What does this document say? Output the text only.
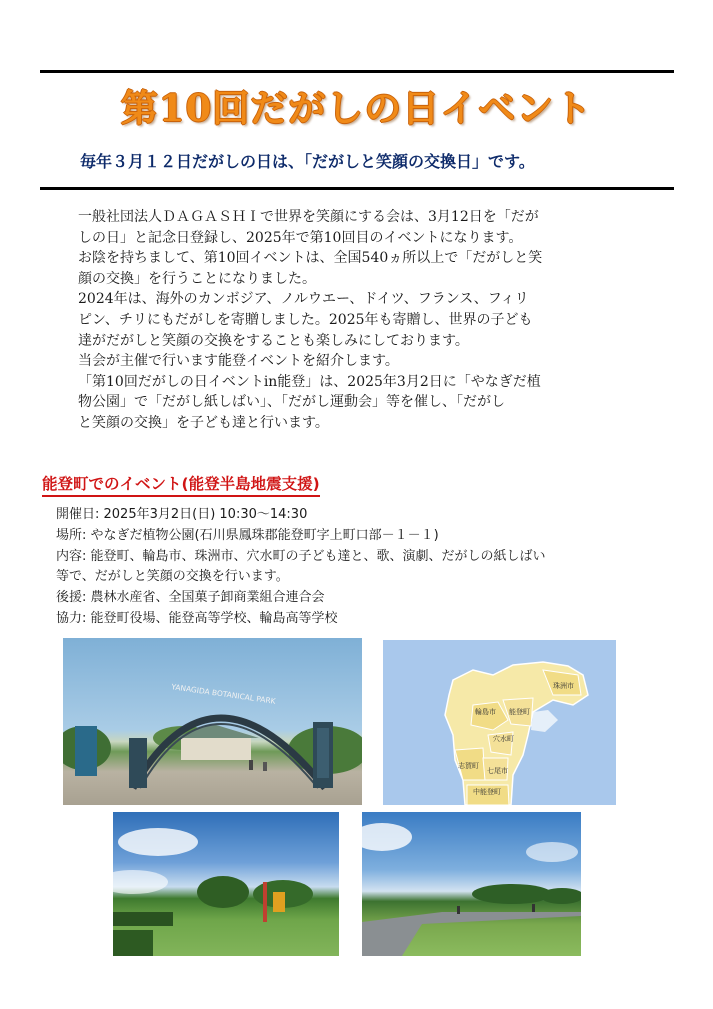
第10回だがしの日イベント
毎年３月１２日だがしの日は、「だがしと笑顔の交換日」です。

一般社団法人ＤＡＧＡＳＨＩで世界を笑顔にする会は、3月12日を「だが

しの日」と記念日登録し、2025年で第10回目のイベントになります。

お陰を持ちまして、第10回イベントは、全国540ヵ所以上で「だがしと笑

顔の交換」を行うことになりました。

2024年は、海外のカンボジア、ノルウエー、ドイツ、フランス、フィリ

ピン、チリにもだがしを寄贈しました。2025年も寄贈し、世界の子ども

達がだがしと笑顔の交換をすることも楽しみにしております。

当会が主催で行います能登イベントを紹介します。

「第10回だがしの日イベントin能登」は、2025年3月2日に「やなぎだ植

物公園」で「だがし紙しばい」、「だがし運動会」等を催し、「だがし

と笑顔の交換」を子ども達と行います。

能登町でのイベント(能登半島地震支援)

開催日: 2025年3月2日(日) 10:30～14:30

場所: やなぎだ植物公園(石川県鳳珠郡能登町字上町口部－１－１)

内容: 能登町、輪島市、珠洲市、穴水町の子ども達と、歌、演劇、だがしの紙しばい

等で、だがしと笑顔の交換を行います。

後援: 農林水産省、全国菓子卸商業組合連合会

協力: 能登町役場、能登高等学校、輪島高等学校

YANAGIDA BOTANICAL PARK	珠洲市
輪島市 能登町
穴水町
志賀町
七尾市
中能登町
